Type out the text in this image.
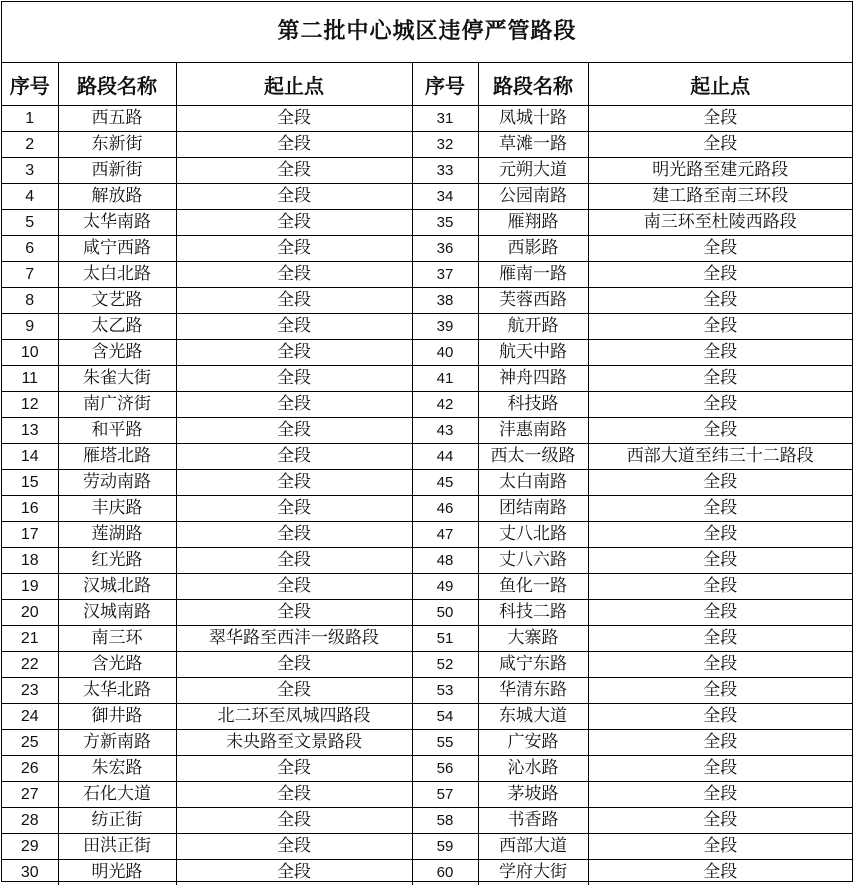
第二批中心城区违停严管路段
序号	路段名称	起止点	序号	路段名称	起止点
1	西五路	全段	31	凤城十路	全段
2	东新街	全段	32	草滩一路	全段
3	西新街	全段	33	元朔大道	明光路至建元路段
4	解放路	全段	34	公园南路	建工路至南三环段
5	太华南路	全段	35	雁翔路	南三环至杜陵西路段
6	咸宁西路	全段	36	西影路	全段
7	太白北路	全段	37	雁南一路	全段
8	文艺路	全段	38	芙蓉西路	全段
9	太乙路	全段	39	航开路	全段
10	含光路	全段	40	航天中路	全段
11	朱雀大街	全段	41	神舟四路	全段
12	南广济街	全段	42	科技路	全段
13	和平路	全段	43	沣惠南路	全段
14	雁塔北路	全段	44	西太一级路	西部大道至纬三十二路段
15	劳动南路	全段	45	太白南路	全段
16	丰庆路	全段	46	团结南路	全段
17	莲湖路	全段	47	丈八北路	全段
18	红光路	全段	48	丈八六路	全段
19	汉城北路	全段	49	鱼化一路	全段
20	汉城南路	全段	50	科技二路	全段
21	南三环	翠华路至西沣一级路段	51	大寨路	全段
22	含光路	全段	52	咸宁东路	全段
23	太华北路	全段	53	华清东路	全段
24	御井路	北二环至凤城四路段	54	东城大道	全段
25	方新南路	未央路至文景路段	55	广安路	全段
26	朱宏路	全段	56	沁水路	全段
27	石化大道	全段	57	茅坡路	全段
28	纺正街	全段	58	书香路	全段
29	田洪正街	全段	59	西部大道	全段
30	明光路	全段	60	学府大街	全段
